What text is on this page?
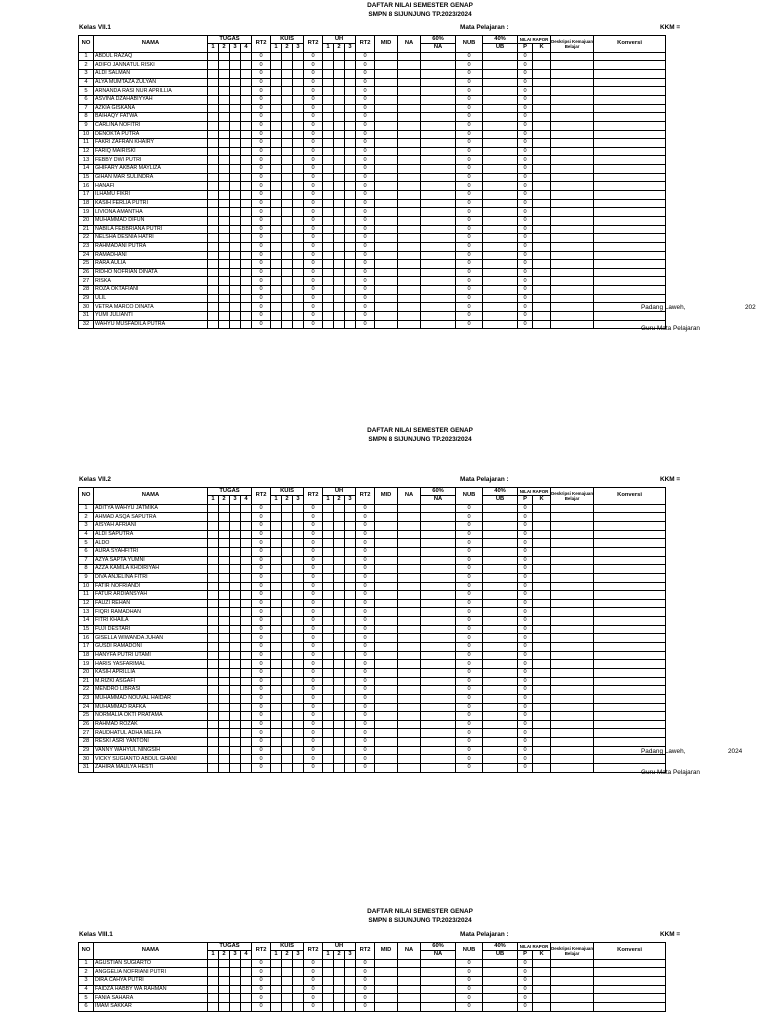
DAFTAR NILAI SEMESTER GENAP
SMPN 8 SIJUNJUNG TP.2023/2024
Kelas VII.1	Mata Pelajaran :	KKM =
NO	NAMA	TUGAS				RT2	KUIS			RT2	UH			RT2	MID	NA	60%	NUB	40%	NILAI RAPOR		Deskripsi Kemajuan Belajar	Konversi
		1	2	3	4		1	2	3		1	2	3				NA		UB	P	K		
1	ABDUL RAZAQ					0				0				0				0		0			
2	ADIFO JANNATUL RISKI					0				0				0				0		0			
3	ALDI SALMAN					0				0				0				0		0			
4	ALYA MUMTAZA ZULYAN					0				0				0				0		0			
5	ARNANDA RASI NUR APRILLIA					0				0				0				0		0			
6	ASVINA DZAHABIYYAH					0				0				0				0		0			
7	AZKIA GISKANA					0				0				0				0		0			
8	BAIHAQY FATWA					0				0				0				0		0			
9	CARLINA NOFITRI					0				0				0				0		0			
10	DENOKTA PUTRA					0				0				0				0		0			
11	FAKRI ZAFRAN KHAIRY					0				0				0				0		0			
12	FARIQ MAIRISKI					0				0				0				0		0			
13	FEBBY DWI PUTRI					0				0				0				0		0			
14	GHIFARY AKBAR MAYLIZA					0				0				0				0		0			
15	GIHAN MAR SULINDRA					0				0				0				0		0			
16	HANAFI					0				0				0				0		0			
17	ILHAMU FIKRI					0				0				0				0		0			
18	KASIH FERLIA PUTRI					0				0				0				0		0			
19	LIVIONA AMANTHA					0				0				0				0		0			
20	MUHAMMAD DIFUN					0				0				0				0		0			
21	NABILA FEBBRIANA PUTRI					0				0				0				0		0			
22	NELSHA DESNIA HATRI					0				0				0				0		0			
23	RAHMADANI PUTRA					0				0				0				0		0			
24	RAMADHANI					0				0				0				0		0			
25	RARA AULIA					0				0				0				0		0			
26	RIDHO NOFRIAN DINATA					0				0				0				0		0			
27	RISKA					0				0				0				0		0			
28	ROZA OKTAFIANI					0				0				0				0		0			
29	ULIL					0				0				0				0		0			
30	VETRA MARCO DINATA					0				0				0				0		0			
31	YUMI JULIANTI					0				0				0				0		0			
32	WAHYU MUSFADILA PUTRA					0				0				0				0		0			
Padang Laweh,	202
Guru Mata Pelajaran
DAFTAR NILAI SEMESTER GENAP
SMPN 8 SIJUNJUNG TP.2023/2024
Kelas VII.2	Mata Pelajaran :	KKM =
NO	NAMA	TUGAS				RT2	KUIS			RT2	UH			RT2	MID	NA	60%	NUB	40%	NILAI RAPOR		Deskripsi Kemajuan Belajar	Konversi
		1	2	3	4		1	2	3		1	2	3				NA		UB	P	K		
1	ADITYA WAHYU JATMIKA					0				0				0				0		0			
2	AHMAD ASQA SAPUTRA					0				0				0				0		0			
3	AISYAH AFRIANI					0				0				0				0		0			
4	ALDI SAPUTRA					0				0				0				0		0			
5	ALDO					0				0				0				0		0			
6	AURA SYAHFITRI					0				0				0				0		0			
7	AZYA SAPTA YUMNI					0				0				0				0		0			
8	AZZA KAMILA KHOIRIYAH					0				0				0				0		0			
9	DIVA ANJELINA FITRI					0				0				0				0		0			
10	FATIR NOFRIANDI					0				0				0				0		0			
11	FATUR ARDIANSYAH					0				0				0				0		0			
12	FAUZI REHAN					0				0				0				0		0			
13	FIQRI RAMADHAN					0				0				0				0		0			
14	FITRI KHAILA					0				0				0				0		0			
15	FUJI DESTARI					0				0				0				0		0			
16	GISELLA WIWANDA JUHAN					0				0				0				0		0			
17	GUSDI RAMADONI					0				0				0				0		0			
18	HANYFA PUTRI UTAMI					0				0				0				0		0			
19	HARIS YASFARIMAL					0				0				0				0		0			
20	KASIH APRILLIA					0				0				0				0		0			
21	M.RIZKI ASGAFI					0				0				0				0		0			
22	MENDRO LIBRASI					0				0				0				0		0			
23	MUHAMMAD NOUVAL HAIDAR					0				0				0				0		0			
24	MUHAMMAD RAFKA					0				0				0				0		0			
25	NORMALIA OKTI PRATAMA					0				0				0				0		0			
26	RAHMAD ROZAK					0				0				0				0		0			
27	RAUDHATUL ADHA MELFA					0				0				0				0		0			
28	RESKI ASRI YANTONI					0				0				0				0		0			
29	VANNY WAHYUL NINGSIH					0				0				0				0		0			
30	VICKY SUGIANTO ABDUL GHANI					0				0				0				0		0			
31	ZAHIRA MAULYA HESTI					0				0				0				0		0			
Padang Laweh,	2024
Guru Mata Pelajaran
DAFTAR NILAI SEMESTER GENAP
SMPN 8 SIJUNJUNG TP.2023/2024
Kelas VIII.1	Mata Pelajaran :	KKM =
NO	NAMA	TUGAS				RT2	KUIS			RT2	UH			RT2	MID	NA	60%	NUB	40%	NILAI RAPOR		Deskripsi Kemajuan Belajar	Konversi
		1	2	3	4		1	2	3		1	2	3				NA		UB	P	K		
1	AGUSTIAN SUGIARTO					0				0				0				0		0			
2	ANGGELIA NOFRIANI PUTRI					0				0				0				0		0			
3	DIRA CAHYA PUTRI					0				0				0				0		0			
4	FAIDZA HABBY WA RAHMAN					0				0				0				0		0			
5	FANIA SAHARA					0				0				0				0		0			
6	IMAM SAKKAR					0				0				0				0		0			
